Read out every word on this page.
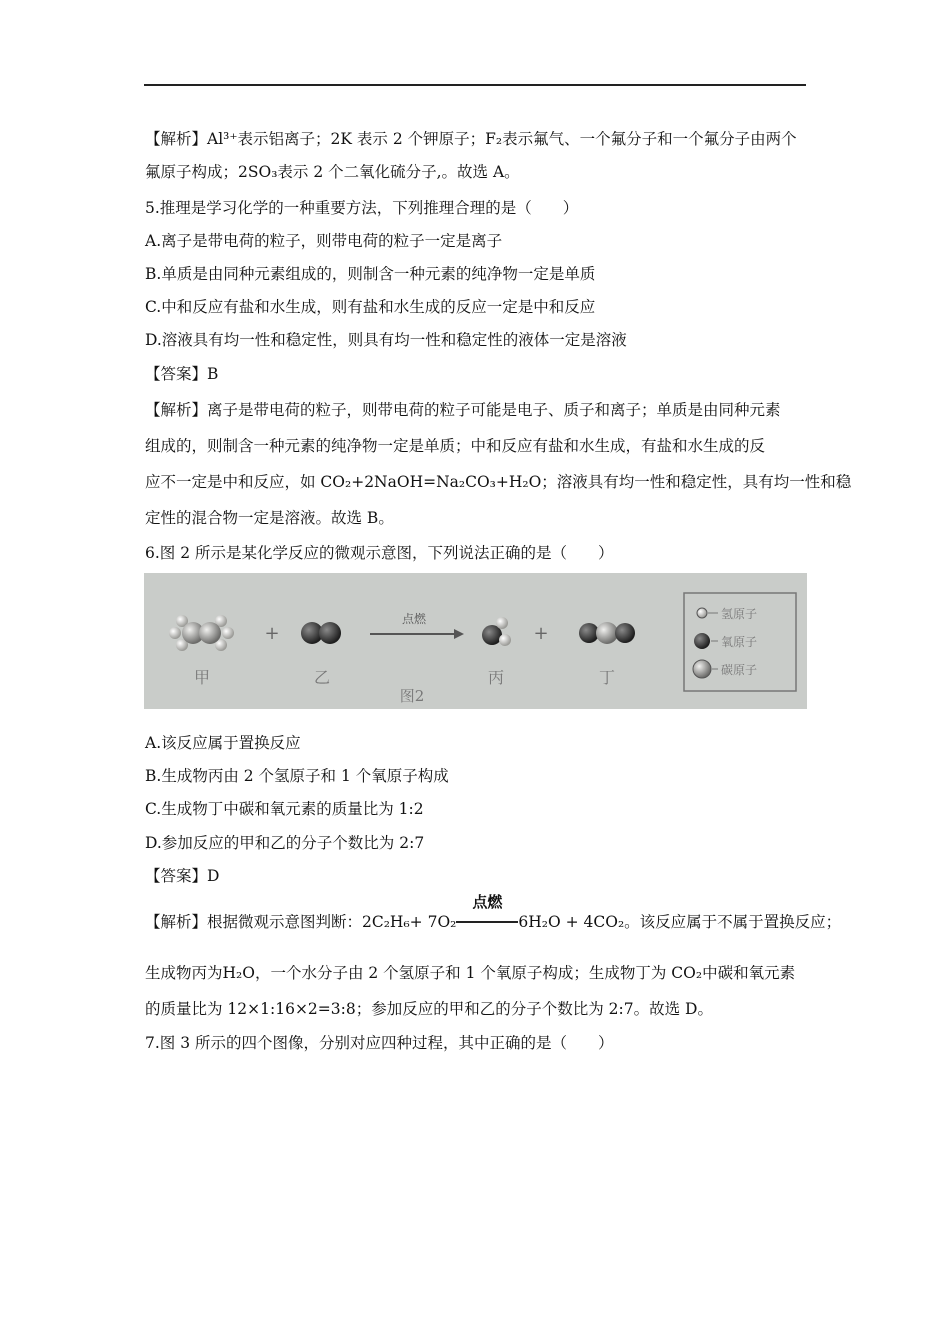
【解析】Al³⁺表示铝离子；2K 表示 2 个钾原子；F₂表示氟气、一个氟分子和一个氟分子由两个
氟原子构成；2SO₃表示 2 个二氧化硫分子,。故选 A。
5.推理是学习化学的一种重要方法，下列推理合理的是（　　）
A.离子是带电荷的粒子，则带电荷的粒子一定是离子
B.单质是由同种元素组成的，则制含一种元素的纯净物一定是单质
C.中和反应有盐和水生成，则有盐和水生成的反应一定是中和反应
D.溶液具有均一性和稳定性，则具有均一性和稳定性的液体一定是溶液
【答案】B
【解析】离子是带电荷的粒子，则带电荷的粒子可能是电子、质子和离子；单质是由同种元素
组成的，则制含一种元素的纯净物一定是单质；中和反应有盐和水生成，有盐和水生成的反
应不一定是中和反应，如 CO₂+2NaOH=Na₂CO₃+H₂O；溶液具有均一性和稳定性，具有均一性和稳
定性的混合物一定是溶液。故选 B。
6.图 2 所示是某化学反应的微观示意图，下列说法正确的是（　　）
+
点燃
+
甲	乙
图2
丙	丁
氢原子
氧原子
碳原子
A.该反应属于置换反应
B.生成物丙由 2 个氢原子和 1 个氧原子构成
C.生成物丁中碳和氧元素的质量比为 1:2
D.参加反应的甲和乙的分子个数比为 2:7
【答案】D
【解析】根据微观示意图判断：2C₂H₆+ 7O₂
点燃
6H₂O + 4CO₂。该反应属于不属于置换反应；
生成物丙为H₂O，一个水分子由 2 个氢原子和 1 个氧原子构成；生成物丁为 CO₂中碳和氧元素
的质量比为 12×1:16×2=3:8；参加反应的甲和乙的分子个数比为 2:7。故选 D。
7.图 3 所示的四个图像，分别对应四种过程，其中正确的是（　　）
